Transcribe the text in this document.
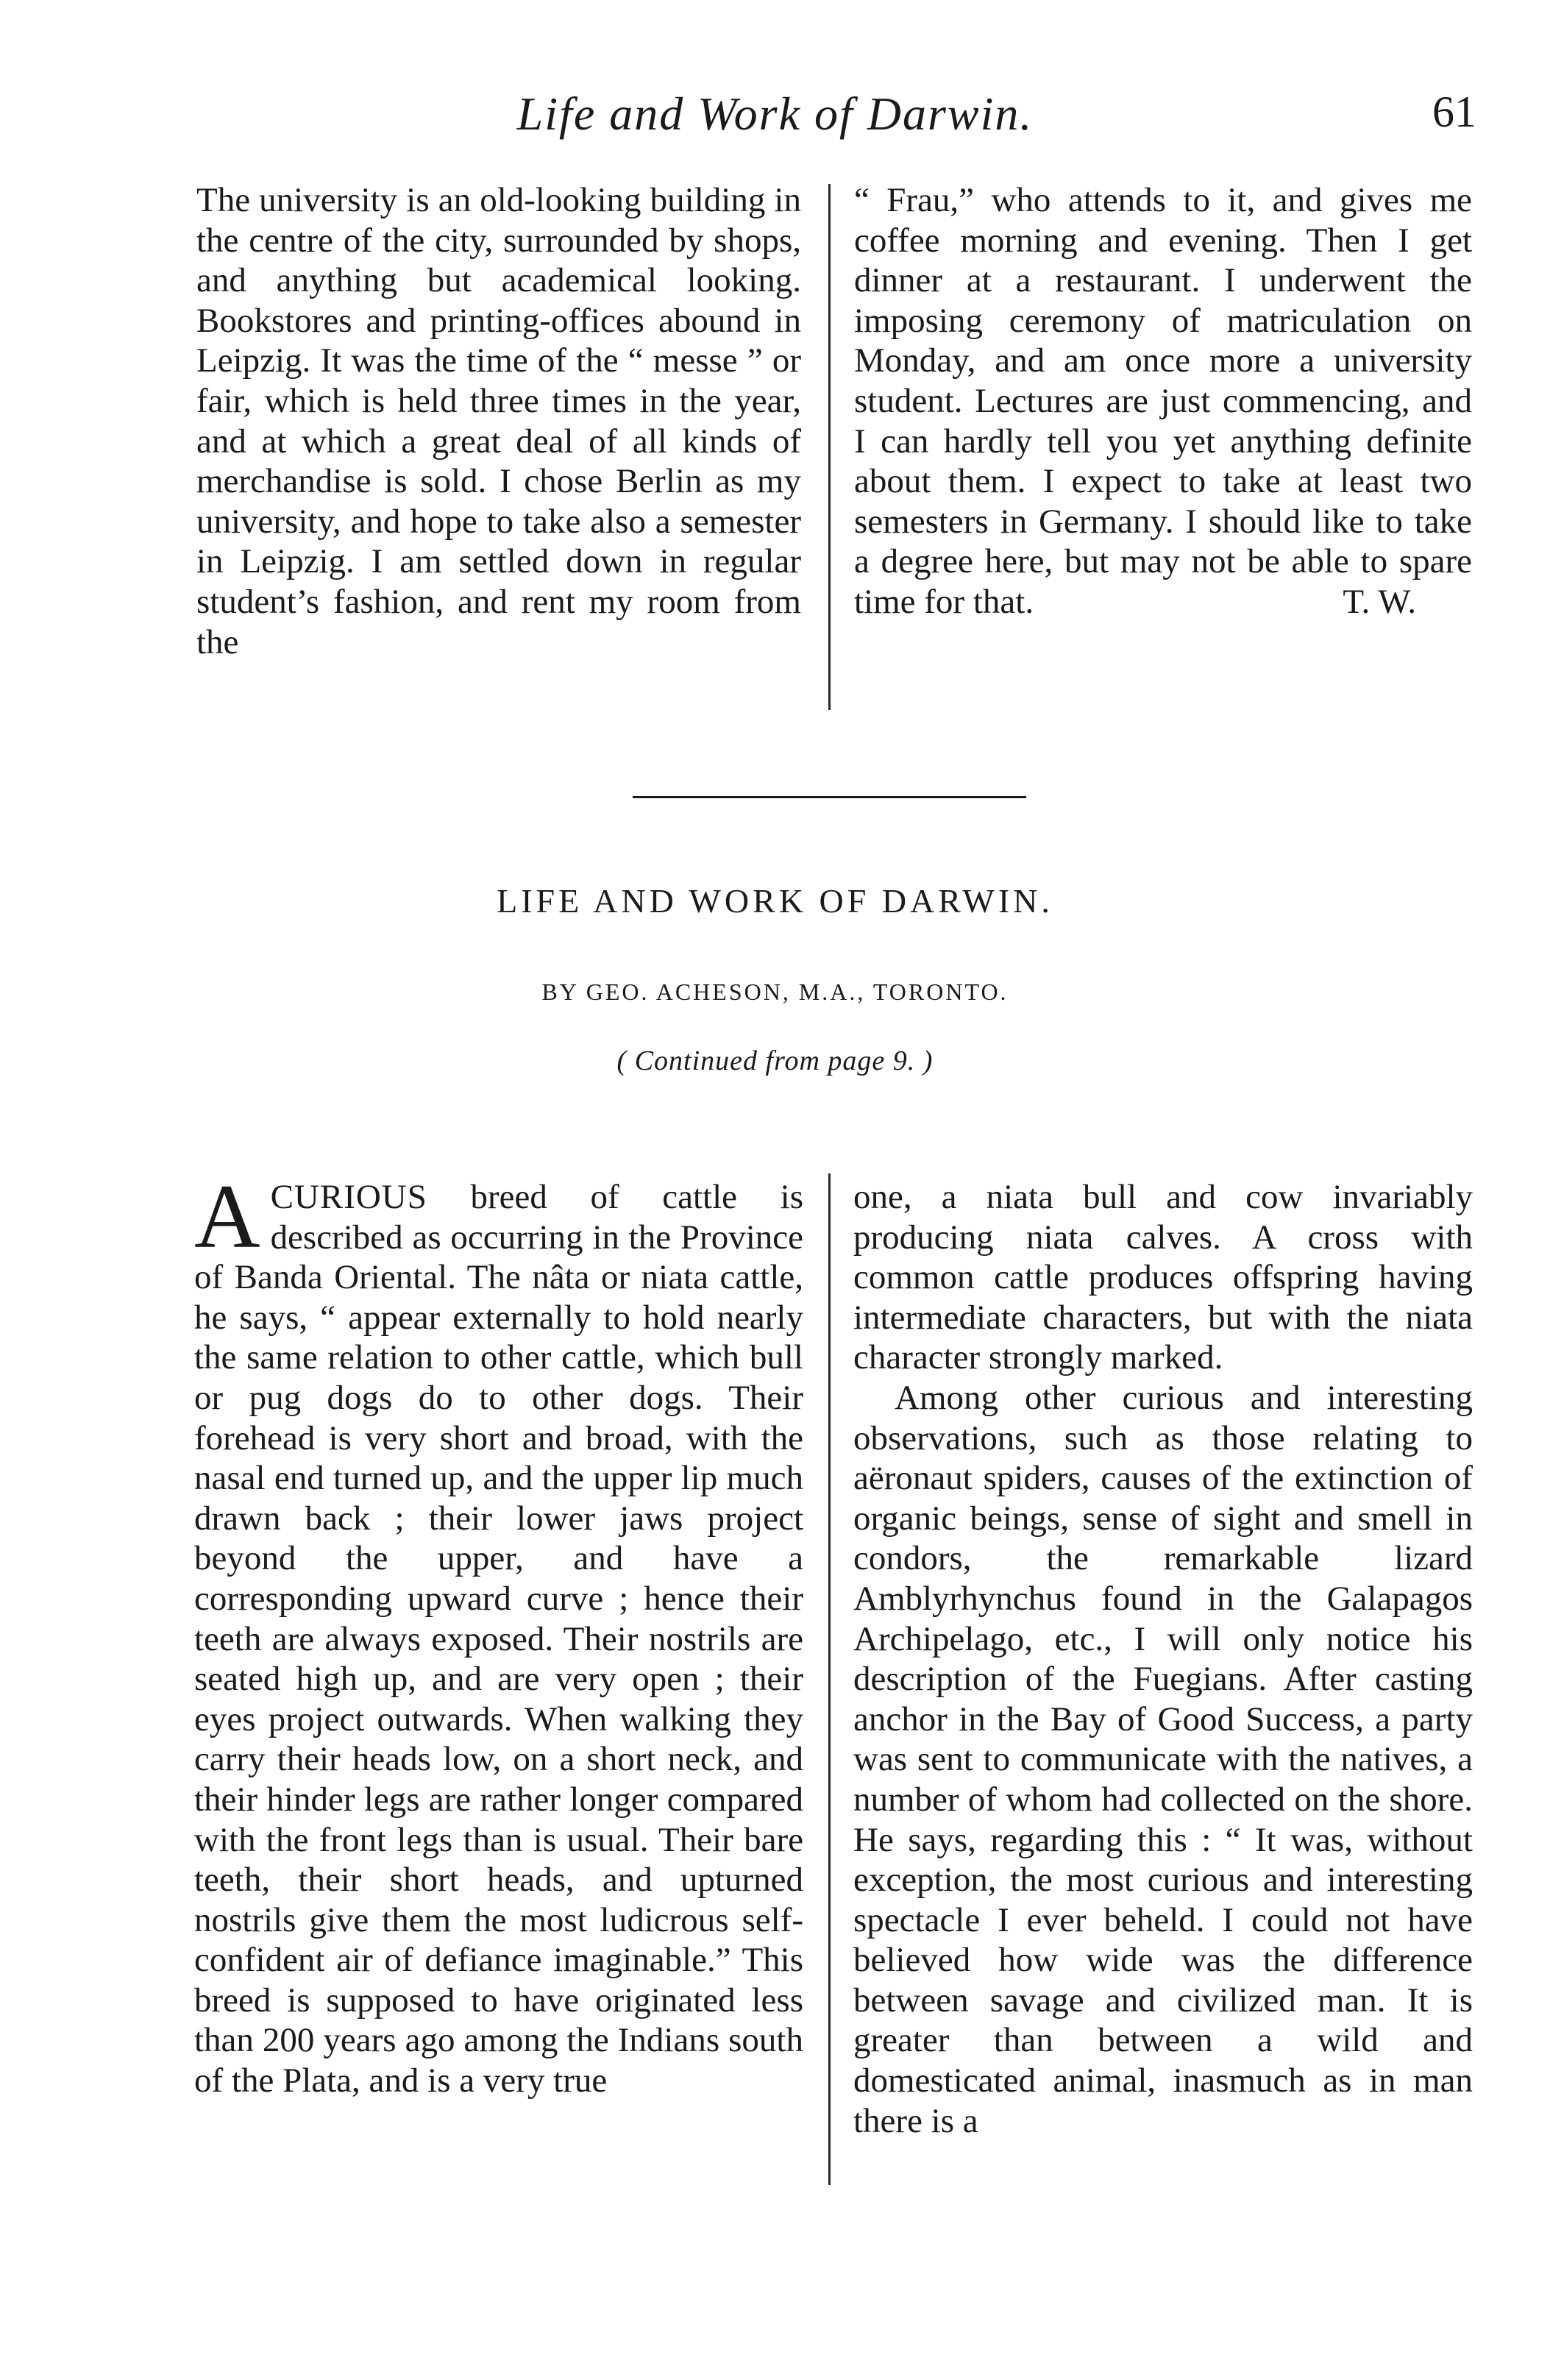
Life and Work of Darwin.	61

The university is an old-looking building in the centre of the city, surrounded by shops, and anything but academical looking. Bookstores and printing-offices abound in Leipzig. It was the time of the “ messe ” or fair, which is held three times in the year, and at which a great deal of all kinds of merchandise is sold. I chose Berlin as my university, and hope to take also a semester in Leipzig. I am settled down in regular student’s fashion, and rent my room from the

“ Frau,” who attends to it, and gives me coffee morning and evening. Then I get dinner at a restaurant. I underwent the imposing ceremony of matriculation on Monday, and am once more a university student. Lectures are just commencing, and I can hardly tell you yet anything definite about them. I expect to take at least two semesters in Germany. I should like to take a degree here, but may not be able to spare time for that.	T. W.

LIFE AND WORK OF DARWIN.
BY GEO. ACHESON, M.A., TORONTO.
( Continued from page 9. )

ACURIOUS breed of cattle is described as occurring in the Province of Banda Oriental. The nâta or niata cattle, he says, “ appear externally to hold nearly the same relation to other cattle, which bull or pug dogs do to other dogs. Their forehead is very short and broad, with the nasal end turned up, and the upper lip much drawn back ; their lower jaws project beyond the upper, and have a corresponding upward curve ; hence their teeth are always exposed. Their nostrils are seated high up, and are very open ; their eyes project outwards. When walking they carry their heads low, on a short neck, and their hinder legs are rather longer compared with the front legs than is usual. Their bare teeth, their short heads, and upturned nostrils give them the most ludicrous self-confident air of defiance imaginable.” This breed is supposed to have originated less than 200 years ago among the Indians south of the Plata, and is a very true

one, a niata bull and cow invariably producing niata calves. A cross with common cattle produces offspring having intermediate characters, but with the niata character strongly marked.

Among other curious and interesting observations, such as those relating to aëronaut spiders, causes of the extinction of organic beings, sense of sight and smell in condors, the remarkable lizard Amblyrhynchus found in the Galapagos Archipelago, etc., I will only notice his description of the Fuegians. After casting anchor in the Bay of Good Success, a party was sent to communicate with the natives, a number of whom had collected on the shore. He says, regarding this : “ It was, without exception, the most curious and interesting spectacle I ever beheld. I could not have believed how wide was the difference between savage and civilized man. It is greater than between a wild and domesticated animal, inasmuch as in man there is a
